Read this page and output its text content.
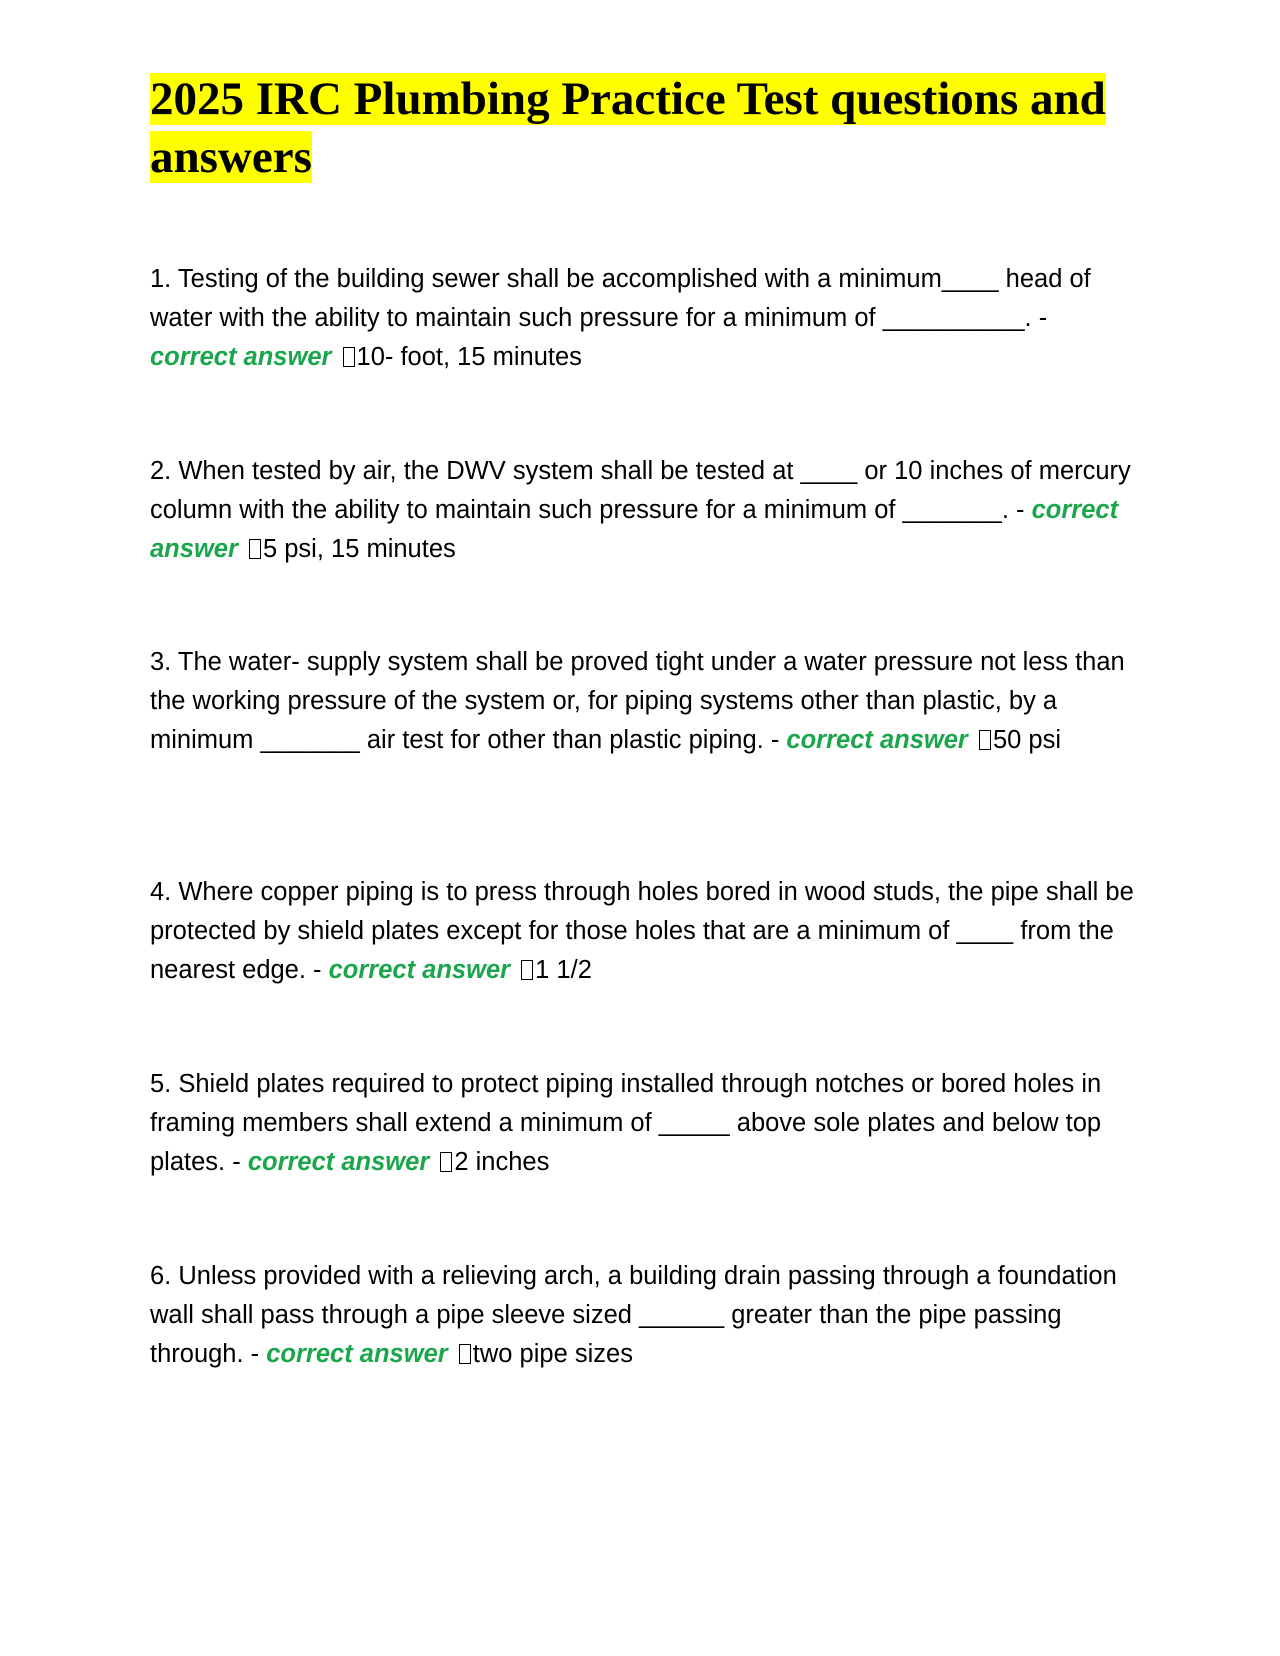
2025 IRC Plumbing Practice Test questions and answers

1. Testing of the building sewer shall be accomplished with a minimum____ head of water with the ability to maintain such pressure for a minimum of __________. - correct answer 10- foot, 15 minutes

2. When tested by air, the DWV system shall be tested at ____ or 10 inches of mercury column with the ability to maintain such pressure for a minimum of _______. - correct answer 5 psi, 15 minutes

3. The water- supply system shall be proved tight under a water pressure not less than the working pressure of the system or, for piping systems other than plastic, by a minimum _______ air test for other than plastic piping. - correct answer 50 psi

4. Where copper piping is to press through holes bored in wood studs, the pipe shall be protected by shield plates except for those holes that are a minimum of ____ from the nearest edge. - correct answer 1 1/2

5. Shield plates required to protect piping installed through notches or bored holes in framing members shall extend a minimum of _____ above sole plates and below top plates. - correct answer 2 inches

6. Unless provided with a relieving arch, a building drain passing through a foundation wall shall pass through a pipe sleeve sized ______ greater than the pipe passing through. - correct answer two pipe sizes
